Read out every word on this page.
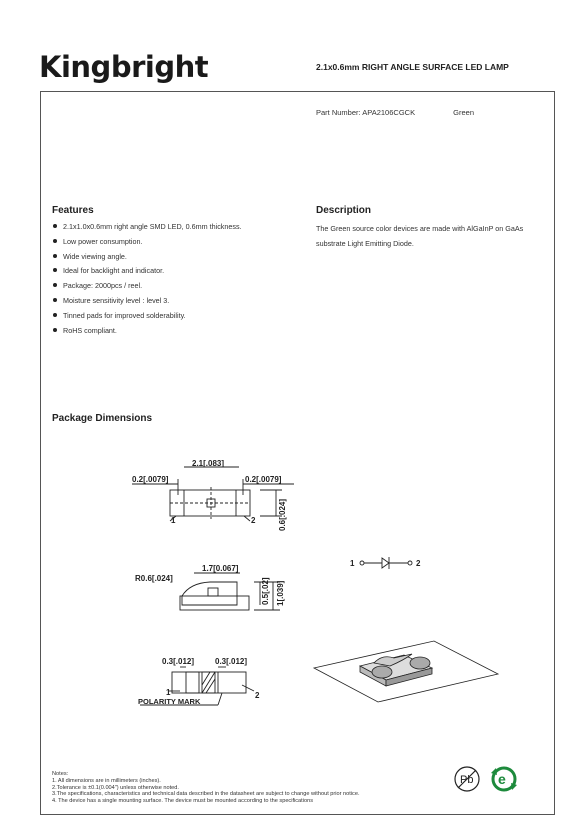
Kingbright	2.1x0.6mm RIGHT ANGLE SURFACE LED LAMP
Part Number: APA2106CGCK	Green
Features
2.1x1.0x0.6mm right angle SMD LED, 0.6mm thickness.
Low power consumption.
Wide viewing angle.
Ideal for backlight and indicator.
Package: 2000pcs / reel.
Moisture sensitivity level : level 3.
Tinned pads for improved solderability.
RoHS compliant.
Description
The Green source color devices are made with AlGaInP on GaAs substrate Light Emitting Diode.
Package Dimensions
2.1[.083]
0.2[.0079]	0.2[.0079]
0.6[.024]
1	2
1.7[0.067]
R0.6[.024]	0.5[.02] 1[.039]
0.3[.012]	0.3[.012]
1	2
POLARITY MARK
1	2
Notes:
1. All dimensions are in millimeters (inches).
2.Tolerance is ±0.1(0.004") unless otherwise noted.
3.The specifications, characteristics and technical data described in the datasheet are subject to change without prior notice.
4. The device has a single mounting surface. The device must be mounted according to the specifications
Pb e
